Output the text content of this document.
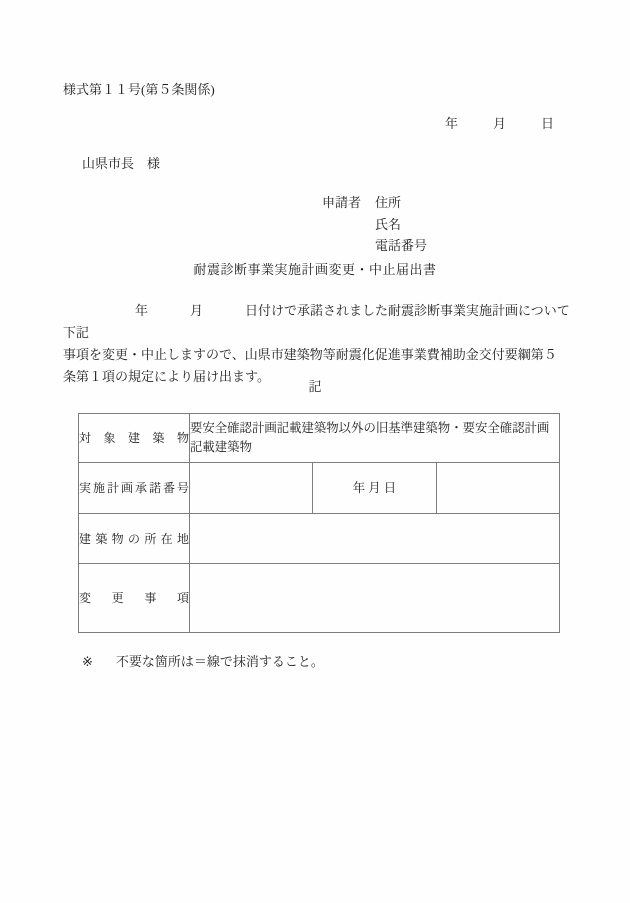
様式第１１号(第５条関係)
年	月	日
山県市長　様
申請者 住所
氏名
電話番号
耐震診断事業実施計画変更・中止届出書
年	月	日付けで承諾されました耐震診断事業実施計画について下記
事項を変更・中止しますので、山県市建築物等耐震化促進事業費補助金交付要綱第５
条第１項の規定により届け出ます。
記
対象建築物	要安全確認計画記載建築物以外の旧基準建築物・要安全確認計画記載建築物		
実施計画承諾番号		年 月 日	
建築物の所在地			
変更事項			
※ 不要な箇所は＝線で抹消すること。
